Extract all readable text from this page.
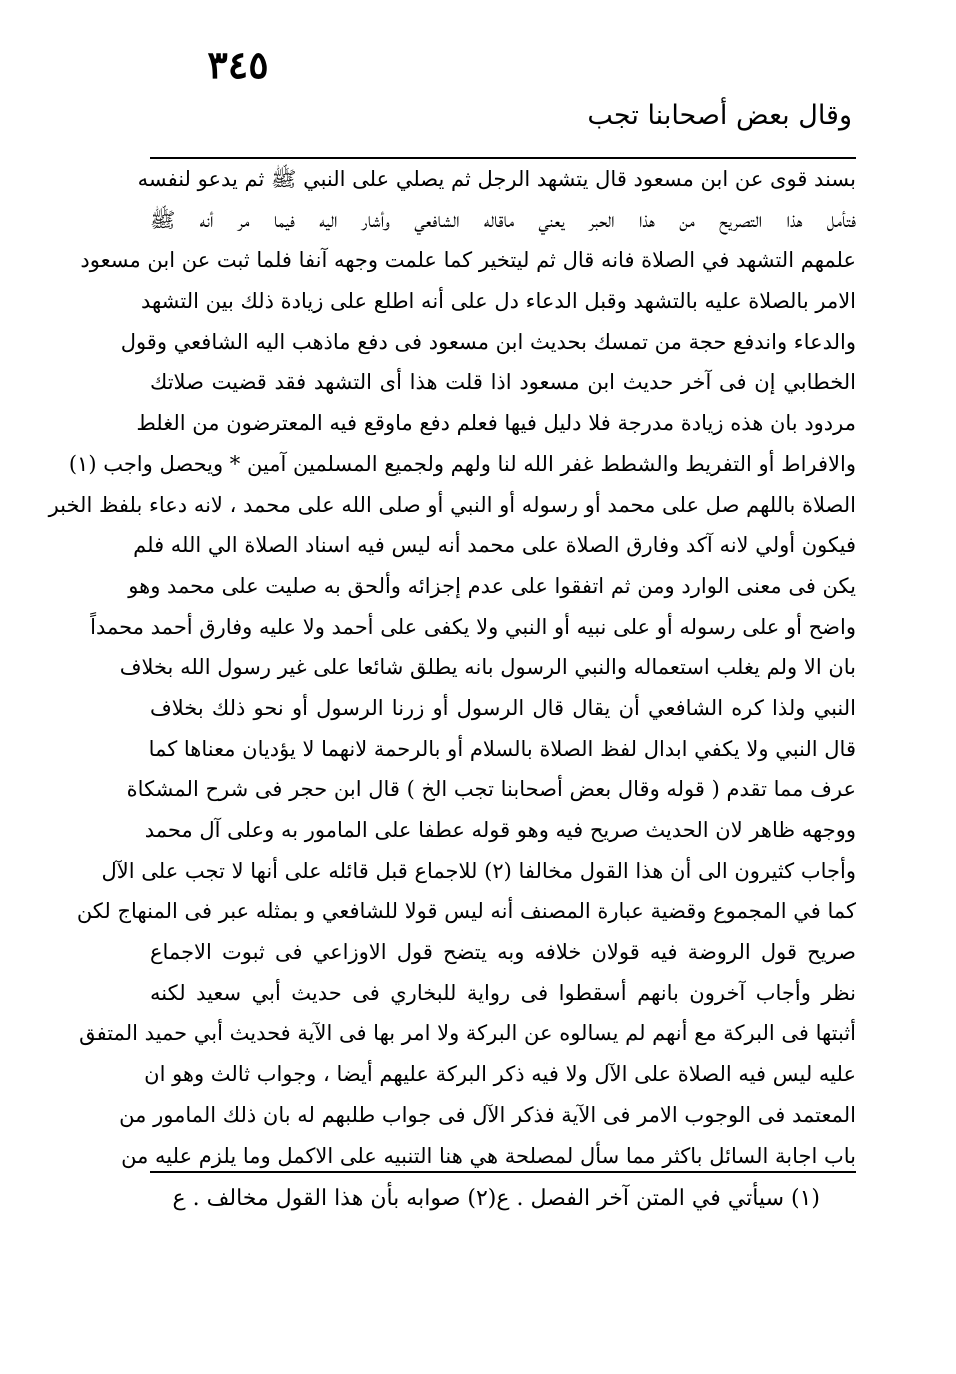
٣٤٥
وقال بعض أصحابنا تجب
بسند قوى عن ابن مسعود قال يتشهد الرجل ثم يصلي على النبي ﷺ ثم يدعو لنفسه
فتأمل هذا التصريح من هذا الحبر يعني ماقاله الشافعي وأشار اليه فيما مر أنه ﷺ
علمهم التشهد في الصلاة فانه قال ثم ليتخير كما علمت وجهه آنفا فلما ثبت عن ابن مسعود
الامر بالصلاة عليه بالتشهد وقبل الدعاء دل على أنه اطلع على زيادة ذلك بين التشهد
والدعاء واندفع حجة من تمسك بحديث ابن مسعود فى دفع ماذهب اليه الشافعي وقول
الخطابي إن فى آخر حديث ابن مسعود اذا قلت هذا أى التشهد فقد قضيت صلاتك
مردود بان هذه زيادة مدرجة فلا دليل فيها فعلم دفع ماوقع فيه المعترضون من الغلط
والافراط أو التفريط والشطط غفر الله لنا ولهم ولجميع المسلمين آمين * ويحصل واجب (١)
الصلاة باللهم صل على محمد أو رسوله أو النبي أو صلى الله على محمد ، لانه دعاء بلفظ الخبر
فيكون أولي لانه آكد وفارق الصلاة على محمد أنه ليس فيه اسناد الصلاة الي الله فلم
يكن فى معنى الوارد ومن ثم اتفقوا على عدم إجزائه وألحق به صليت على محمد وهو
واضح أو على رسوله أو على نبيه أو النبي ولا يكفى على أحمد ولا عليه وفارق أحمد محمداً
بان الا ولم يغلب استعماله والنبي الرسول بانه يطلق شائعا على غير رسول الله بخلاف
النبي ولذا كره الشافعي أن يقال قال الرسول أو زرنا الرسول أو نحو ذلك بخلاف
قال النبي ولا يكفي ابدال لفظ الصلاة بالسلام أو بالرحمة لانهما لا يؤديان معناها كما
عرف مما تقدم ( قوله وقال بعض أصحابنا تجب الخ ) قال ابن حجر فى شرح المشكاة
ووجهه ظاهر لان الحديث صريح فيه وهو قوله عطفا على المامور به وعلى آل محمد
وأجاب كثيرون الى أن هذا القول مخالفا (٢) للاجماع قبل قائله على أنها لا تجب على الآل
كما في المجموع وقضية عبارة المصنف أنه ليس قولا للشافعي و بمثله عبر فى المنهاج لكن
صريح قول الروضة فيه قولان خلافه وبه يتضح قول الاوزاعي فى ثبوت الاجماع
نظر وأجاب آخرون بانهم أسقطوا فى رواية للبخاري فى حديث أبي سعيد لكنه
أثبتها فى البركة مع أنهم لم يسالوه عن البركة ولا امر بها فى الآية فحديث أبي حميد المتفق
عليه ليس فيه الصلاة على الآل ولا فيه ذكر البركة عليهم أيضا ، وجواب ثالث وهو ان
المعتمد فى الوجوب الامر فى الآية فذكر الآل فى جواب طلبهم له بان ذلك المامور من
باب اجابة السائل باكثر مما سأل لمصلحة هي هنا التنبيه على الاكمل وما يلزم عليه من
(١) سيأتي في المتن آخر الفصل . ع
(٢) صوابه بأن هذا القول مخالف . ع
